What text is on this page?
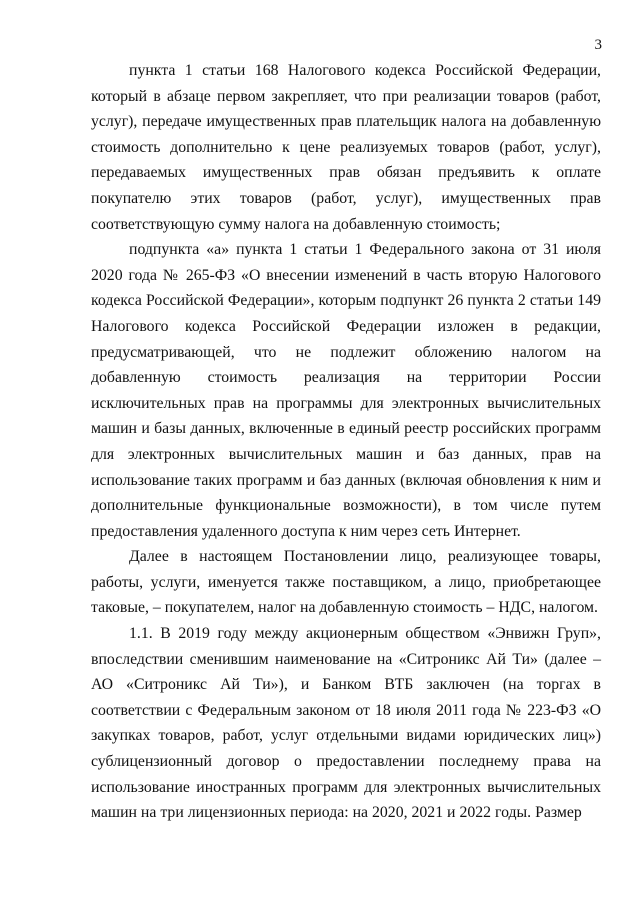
3

пункта 1 статьи 168 Налогового кодекса Российской Федерации, который в абзаце первом закрепляет, что при реализации товаров (работ, услуг), передаче имущественных прав плательщик налога на добавленную стоимость дополнительно к цене реализуемых товаров (работ, услуг), передаваемых имущественных прав обязан предъявить к оплате покупателю этих товаров (работ, услуг), имущественных прав соответствующую сумму налога на добавленную стоимость;

подпункта «а» пункта 1 статьи 1 Федерального закона от 31 июля 2020 года № 265-ФЗ «О внесении изменений в часть вторую Налогового кодекса Российской Федерации», которым подпункт 26 пункта 2 статьи 149 Налогового кодекса Российской Федерации изложен в редакции, предусматривающей, что не подлежит обложению налогом на добавленную стоимость реализация на территории России исключительных прав на программы для электронных вычислительных машин и базы данных, включенные в единый реестр российских программ для электронных вычислительных машин и баз данных, прав на использование таких программ и баз данных (включая обновления к ним и дополнительные функциональные возможности), в том числе путем предоставления удаленного доступа к ним через сеть Интернет.

Далее в настоящем Постановлении лицо, реализующее товары, работы, услуги, именуется также поставщиком, а лицо, приобретающее таковые, – покупателем, налог на добавленную стоимость – НДС, налогом.

1.1. В 2019 году между акционерным обществом «Энвижн Груп», впоследствии сменившим наименование на «Ситроникс Ай Ти» (далее – АО «Ситроникс Ай Ти»), и Банком ВТБ заключен (на торгах в соответствии с Федеральным законом от 18 июля 2011 года № 223-ФЗ «О закупках товаров, работ, услуг отдельными видами юридических лиц») сублицензионный договор о предоставлении последнему права на использование иностранных программ для электронных вычислительных машин на три лицензионных периода: на 2020, 2021 и 2022 годы. Размер
